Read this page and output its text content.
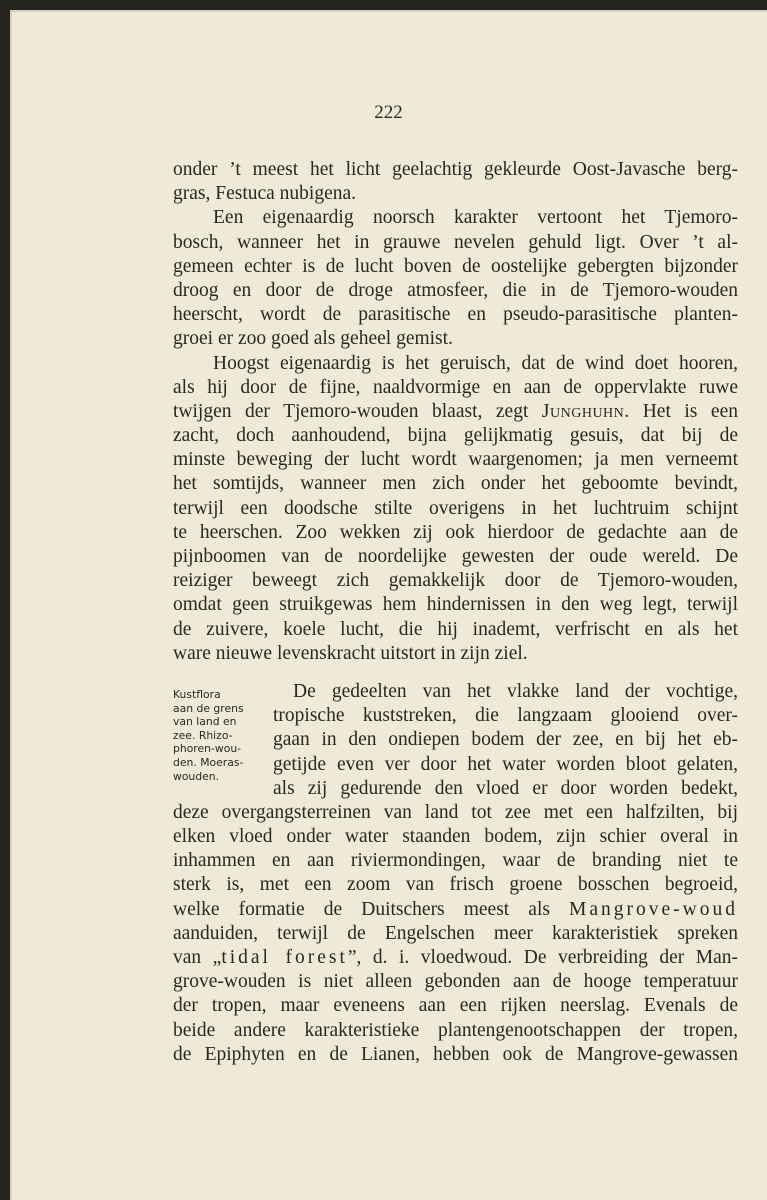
222
onder ’t meest het licht geelachtig gekleurde Oost-Javasche berg-
gras, Festuca nubigena.
Een eigenaardig noorsch karakter vertoont het Tjemoro-
bosch, wanneer het in grauwe nevelen gehuld ligt. Over ’t al-
gemeen echter is de lucht boven de oostelijke gebergten bijzonder
droog en door de droge atmosfeer, die in de Tjemoro-wouden
heerscht, wordt de parasitische en pseudo-parasitische planten-
groei er zoo goed als geheel gemist.
Hoogst eigenaardig is het geruisch, dat de wind doet hooren,
als hij door de fijne, naaldvormige en aan de oppervlakte ruwe
twijgen der Tjemoro-wouden blaast, zegt Junghuhn. Het is een
zacht, doch aanhoudend, bijna gelijkmatig gesuis, dat bij de
minste beweging der lucht wordt waargenomen; ja men verneemt
het somtijds, wanneer men zich onder het geboomte bevindt,
terwijl een doodsche stilte overigens in het luchtruim schijnt
te heerschen. Zoo wekken zij ook hierdoor de gedachte aan de
pijnboomen van de noordelijke gewesten der oude wereld. De
reiziger beweegt zich gemakkelijk door de Tjemoro-wouden,
omdat geen struikgewas hem hindernissen in den weg legt, terwijl
de zuivere, koele lucht, die hij inademt, verfrischt en als het
ware nieuwe levenskracht uitstort in zijn ziel.
Kustflora
aan de grens
van land en
zee. Rhizo-
phoren-wou-
den. Moeras-
wouden.
De gedeelten van het vlakke land der vochtige,
tropische kuststreken, die langzaam glooiend over-
gaan in den ondiepen bodem der zee, en bij het eb-
getijde even ver door het water worden bloot gelaten,
als zij gedurende den vloed er door worden bedekt,
deze overgangsterreinen van land tot zee met een halfzilten, bij
elken vloed onder water staanden bodem, zijn schier overal in
inhammen en aan riviermondingen, waar de branding niet te
sterk is, met een zoom van frisch groene bosschen begroeid,
welke formatie de Duitschers meest als Mangrove-woud
aanduiden, terwijl de Engelschen meer karakteristiek spreken
van „tidal forest”, d. i. vloedwoud. De verbreiding der Man-
grove-wouden is niet alleen gebonden aan de hooge temperatuur
der tropen, maar eveneens aan een rijken neerslag. Evenals de
beide andere karakteristieke plantengenootschappen der tropen,
de Epiphyten en de Lianen, hebben ook de Mangrove-gewassen
